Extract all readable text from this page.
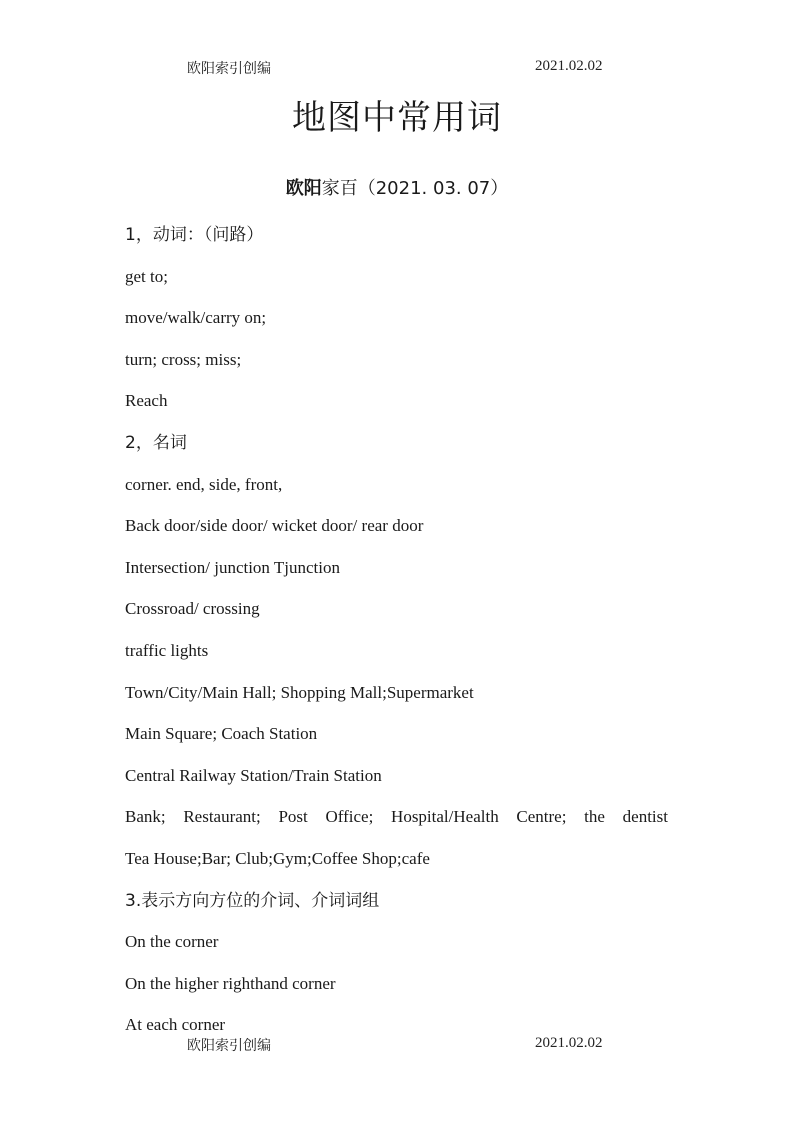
欧阳索引创编	2021.02.02
地图中常用词
欧阳家百（2021. 03. 07）
1，动词：（问路）
get to;
move/walk/carry on;
turn; cross; miss;
Reach
2，名词
corner. end, side, front,
Back door/side door/ wicket door/ rear door
Intersection/ junction Tjunction
Crossroad/ crossing
traffic lights
Town/City/Main Hall; Shopping Mall;Supermarket
Main Square; Coach Station
Central Railway Station/Train Station
Bank; Restaurant; Post Office; Hospital/Health Centre; the dentist
Tea House;Bar; Club;Gym;Coffee Shop;cafe
3.表示方向方位的介词、介词词组
On the corner
On the higher righthand corner
At each corner
欧阳索引创编	2021.02.02
